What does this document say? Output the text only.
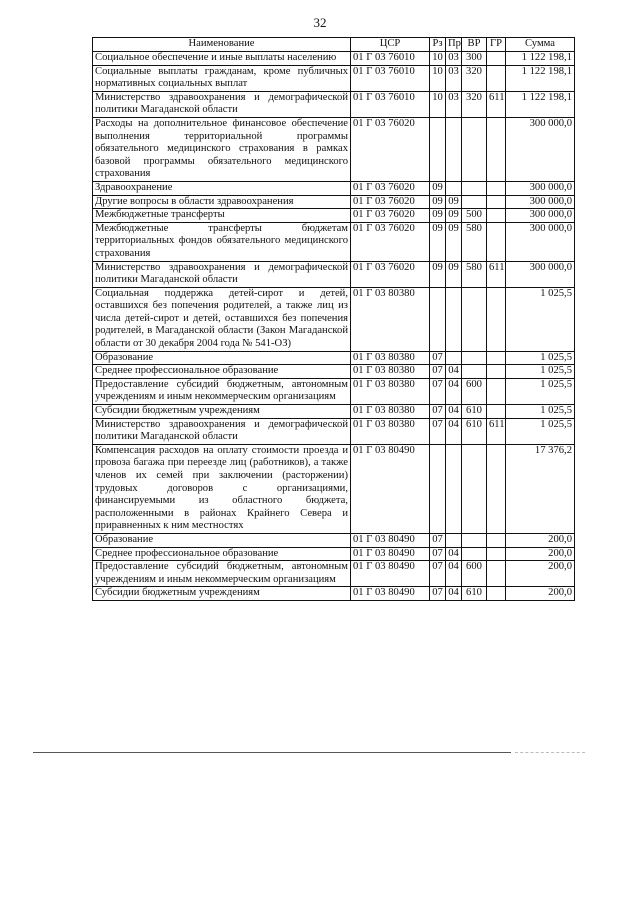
32
Наименование	ЦСР	Рз	Пр	ВР	ГР	Сумма
Социальное обеспечение и иные выплаты населению	01 Г 03 76010	10	03	300		1 122 198,1
Социальные выплаты гражданам, кроме публичных нормативных социальных выплат	01 Г 03 76010	10	03	320		1 122 198,1
Министерство здравоохранения и демографической политики Магаданской области	01 Г 03 76010	10	03	320	611	1 122 198,1
Расходы на дополнительное финансовое обеспечение выполнения территориальной программы обязательного медицинского страхования в рамках базовой программы обязательного медицинского страхования	01 Г 03 76020					300 000,0
Здравоохранение	01 Г 03 76020	09				300 000,0
Другие вопросы в области здравоохранения	01 Г 03 76020	09	09			300 000,0
Межбюджетные трансферты	01 Г 03 76020	09	09	500		300 000,0
Межбюджетные трансферты бюджетам территориальных фондов обязательного медицинского страхования	01 Г 03 76020	09	09	580		300 000,0
Министерство здравоохранения и демографической политики Магаданской области	01 Г 03 76020	09	09	580	611	300 000,0
Социальная поддержка детей-сирот и детей, оставшихся без попечения родителей, а также лиц из числа детей-сирот и детей, оставшихся без попечения родителей, в Магаданской области (Закон Магаданской области от 30 декабря 2004 года № 541-ОЗ)	01 Г 03 80380					1 025,5
Образование	01 Г 03 80380	07				1 025,5
Среднее профессиональное образование	01 Г 03 80380	07	04			1 025,5
Предоставление субсидий бюджетным, автономным учреждениям и иным некоммерческим организациям	01 Г 03 80380	07	04	600		1 025,5
Субсидии бюджетным учреждениям	01 Г 03 80380	07	04	610		1 025,5
Министерство здравоохранения и демографической политики Магаданской области	01 Г 03 80380	07	04	610	611	1 025,5
Компенсация расходов на оплату стоимости проезда и провоза багажа при переезде лиц (работников), а также членов их семей при заключении (расторжении) трудовых договоров с организациями, финансируемыми из областного бюджета, расположенными в районах Крайнего Севера и приравненных к ним местностях	01 Г 03 80490					17 376,2
Образование	01 Г 03 80490	07				200,0
Среднее профессиональное образование	01 Г 03 80490	07	04			200,0
Предоставление субсидий бюджетным, автономным учреждениям и иным некоммерческим организациям	01 Г 03 80490	07	04	600		200,0
Субсидии бюджетным учреждениям	01 Г 03 80490	07	04	610		200,0
